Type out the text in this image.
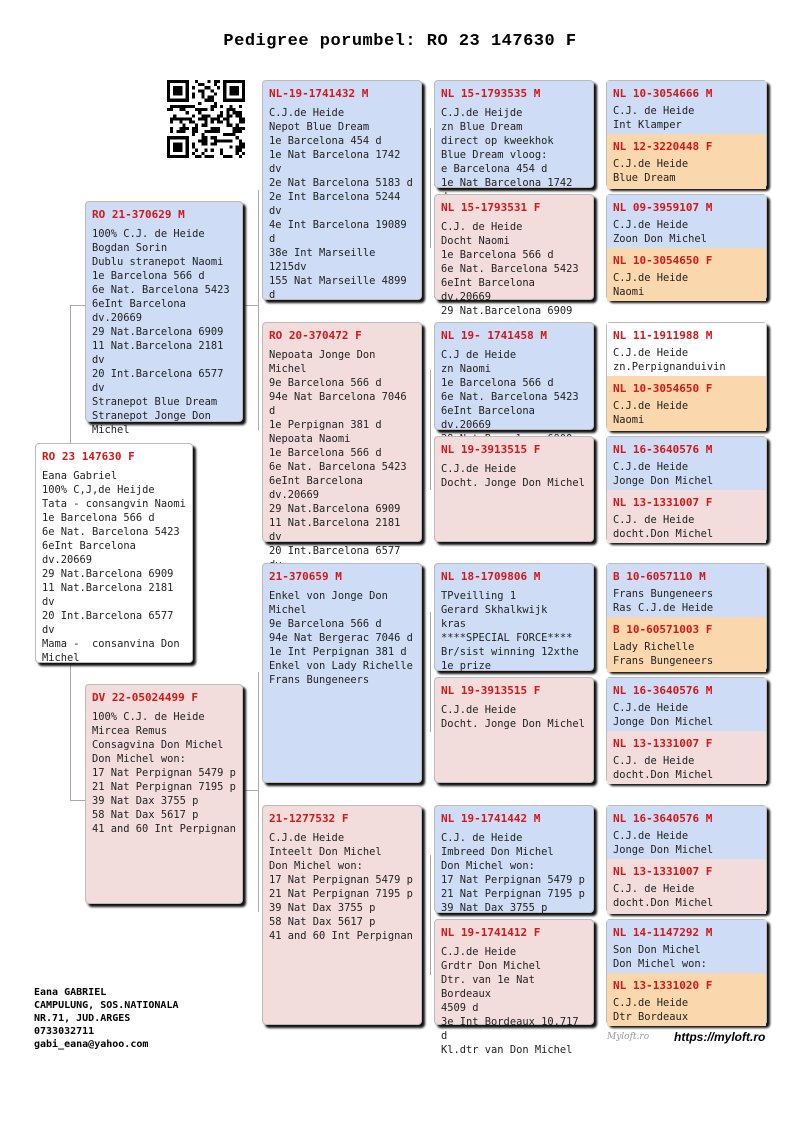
Pedigree porumbel: RO 23 147630 F
RO 23 147630 F
Eana Gabriel
100% C,J,de Heijde
Tata - consangvin Naomi
1e Barcelona 566 d
6e Nat. Barcelona 5423
6eInt Barcelona dv.20669
29 Nat.Barcelona 6909
11 Nat.Barcelona 2181 dv
20 Int.Barcelona 6577 dv
Mama -  consanvina Don
Michel
RO 21-370629 M
100% C.J. de Heide
Bogdan Sorin
Dublu stranepot Naomi
1e Barcelona 566 d
6e Nat. Barcelona 5423
6eInt Barcelona dv.20669
29 Nat.Barcelona 6909
11 Nat.Barcelona 2181 dv
20 Int.Barcelona 6577 dv
Stranepot Blue Dream
Stranepot Jonge Don
Michel
DV 22-05024499 F
100% C.J. de Heide
Mircea Remus
Consagvina Don Michel
Don Michel won:
17 Nat Perpignan 5479 p
21 Nat Perpignan 7195 p
39 Nat Dax 3755 p
58 Nat Dax 5617 p
41 and 60 Int Perpignan
NL-19-1741432 M
C.J.de Heide
Nepot Blue Dream
1e Barcelona 454 d
1e Nat Barcelona 1742 dv
2e Nat Barcelona 5183 d
2e Int Barcelona 5244 dv
4e Int Barcelona 19089 d
38e Int Marseille 1215dv
155 Nat Marseille 4899 d
RO 20-370472 F
Nepoata Jonge Don Michel
9e Barcelona 566 d
94e Nat Barcelona 7046 d
1e Perpignan 381 d
Nepoata Naomi
1e Barcelona 566 d
6e Nat. Barcelona 5423
6eInt Barcelona dv.20669
29 Nat.Barcelona 6909
11 Nat.Barcelona 2181 dv
20 Int.Barcelona 6577
21-370659 M
Enkel von Jonge Don
Michel
9e Barcelona 566 d
94e Nat Bergerac 7046 d
1e Int Perpignan 381 d
Enkel von Lady Richelle
Frans Bungeneers
21-1277532 F
C.J.de Heide
Inteelt Don Michel
Don Michel won:
17 Nat Perpignan 5479 p
21 Nat Perpignan 7195 p
39 Nat Dax 3755 p
58 Nat Dax 5617 p
41 and 60 Int Perpignan
NL 15-1793535 M
C.J.de Heijde
zn Blue Dream
direct op kweekhok
Blue Dream vloog:
e Barcelona 454 d
1e Nat Barcelona 1742
NL 15-1793531 F
C.J. de Heide
Docht Naomi
1e Barcelona 566 d
6e Nat. Barcelona 5423
6eInt Barcelona dv.20669
29 Nat.Barcelona 6909
NL 19- 1741458 M
C.J de Heide
zn Naomi
1e Barcelona 566 d
6e Nat. Barcelona 5423
6eInt Barcelona dv.20669

NL 19-3913515 F
C.J.de Heide
Docht. Jonge Don Michel
NL 18-1709806 M
TPveilling 1
Gerard Skhalkwijk
kras
****SPECIAL FORCE****
Br/sist winning 12xthe
1e prize
NL 19-3913515 F
C.J.de Heide
Docht. Jonge Don Michel
NL 19-1741442 M
C.J. de Heide
Imbreed Don Michel
Don Michel won:
17 Nat Perpignan 5479 p
21 Nat Perpignan 7195 p
39 Nat Dax 3755 p
NL 19-1741412 F
C.J.de Heide
Grdtr Don Michel
Dtr. van 1e Nat Bordeaux
4509 d
3e Int Bordeaux 10.717 d
Kl.dtr van Don Michel
NL 10-3054666 M
C.J. de Heide
Int Klamper
NL 12-3220448 F
C.J.de Heide
Blue Dream
NL 09-3959107 M
C.J.de Heide
Zoon Don Michel
NL 10-3054650 F
C.J.de Heide
Naomi
NL 11-1911988 M
C.J.de Heide
zn.Perpignanduivin
NL 10-3054650 F
C.J.de Heide
Naomi
NL 16-3640576 M
C.J.de Heide
Jonge Don Michel
NL 13-1331007 F
C.J. de Heide
docht.Don Michel
B 10-6057110 M
Frans Bungeneers
Ras C.J.de Heide
B 10-60571003 F
Lady Richelle
Frans Bungeneers
NL 16-3640576 M
C.J.de Heide
Jonge Don Michel
NL 13-1331007 F
C.J. de Heide
docht.Don Michel
NL 16-3640576 M
C.J.de Heide
Jonge Don Michel
NL 13-1331007 F
C.J. de Heide
docht.Don Michel
NL 14-1147292 M
Son Don Michel
Don Michel won:
NL 13-1331020 F
C.J.de Heide
Dtr Bordeaux
Eana GABRIEL
CAMPULUNG, SOS.NATIONALA
NR.71, JUD.ARGES
0733032711
gabi_eana@yahoo.com
Myloft.ro https://myloft.ro
